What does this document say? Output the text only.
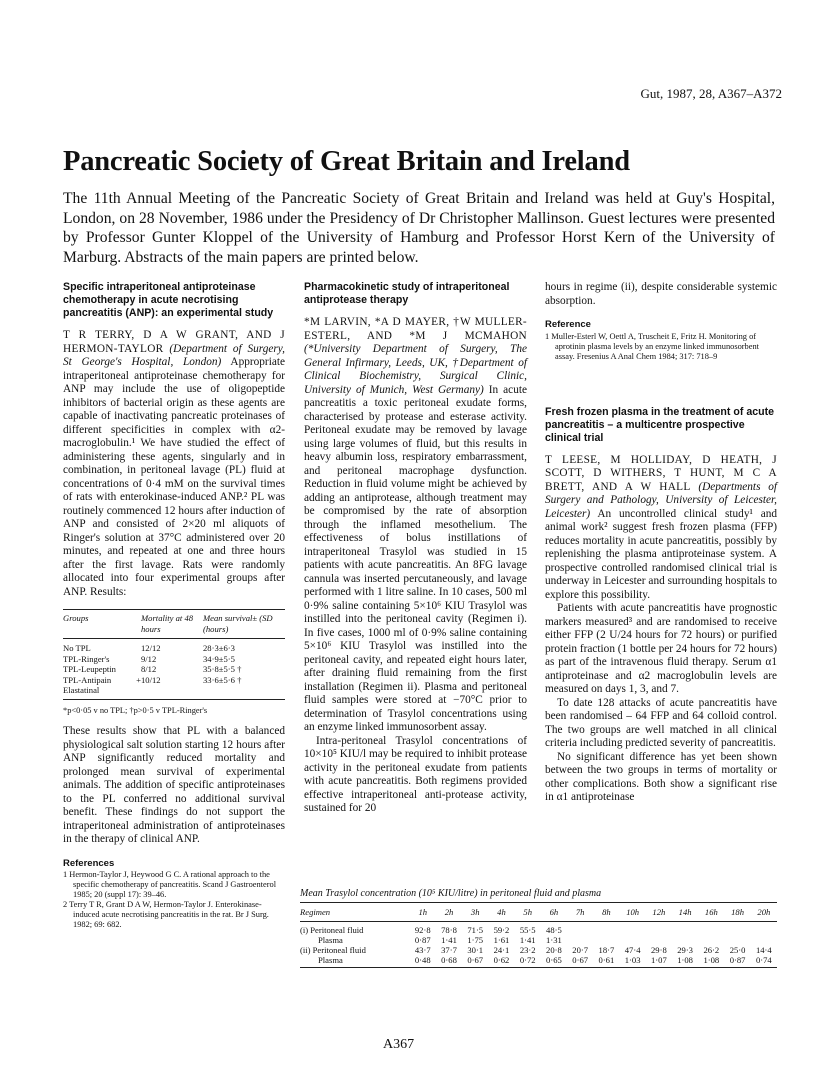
Gut, 1987, 28, A367–A372
Pancreatic Society of Great Britain and Ireland
The 11th Annual Meeting of the Pancreatic Society of Great Britain and Ireland was held at Guy's Hospital, London, on 28 November, 1986 under the Presidency of Dr Christopher Mallinson. Guest lectures were presented by Professor Gunter Kloppel of the University of Hamburg and Professor Horst Kern of the University of Marburg. Abstracts of the main papers are printed below.
Specific intraperitoneal antiproteinase chemotherapy in acute necrotising pancreatitis (ANP): an experimental study

T R TERRY, D A W GRANT, AND J HERMON-TAYLOR (Department of Surgery, St George's Hospital, London) Appropriate intraperitoneal antiproteinase chemotherapy for ANP may include the use of oligopeptide inhibitors of bacterial origin as these agents are capable of inactivating pancreatic proteinases of different specificities in complex with α2-macroglobulin.¹ We have studied the effect of administering these agents, singularly and in combination, in peritoneal lavage (PL) fluid at concentrations of 0·4 mM on the survival times of rats with enterokinase-induced ANP.² PL was routinely commenced 12 hours after induction of ANP and consisted of 2×20 ml aliquots of Ringer's solution at 37°C administered over 20 minutes, and repeated at one and three hours after the first lavage. Rats were randomly allocated into four experimental groups after ANP. Results:

Groups	Mortality at 48 hours	Mean survival± (SD (hours)
No TPL	12/12	28·3±6·3
TPL-Ringer's	9/12	34·9±5·5
TPL-Leupeptin	8/12	35·8±5·5 †
TPL-Antipain + Elastatinal	10/12	33·6±5·6 †
*p<0·05 v no TPL; †p>0·5 v TPL-Ringer's

These results show that PL with a balanced physiological salt solution starting 12 hours after ANP significantly reduced mortality and prolonged mean survival of experimental animals. The addition of specific antiproteinases to the PL conferred no additional survival benefit. These findings do not support the intraperitoneal administration of antiproteinases in the therapy of clinical ANP.

References

1 Hermon-Taylor J, Heywood G C. A rational approach to the specific chemotherapy of pancreatitis. Scand J Gastroenterol 1985; 20 (suppl 17): 39–46.

2 Terry T R, Grant D A W, Hermon-Taylor J. Enterokinase-induced acute necrotising pancreatitis in the rat. Br J Surg. 1982; 69: 682.

Pharmacokinetic study of intraperitoneal antiprotease therapy

*M LARVIN, *A D MAYER, †W MULLER-ESTERL, AND *M J MCMAHON (*University Department of Surgery, The General Infirmary, Leeds, UK, †Department of Clinical Biochemistry, Surgical Clinic, University of Munich, West Germany) In acute pancreatitis a toxic peritoneal exudate forms, characterised by protease and esterase activity. Peritoneal exudate may be removed by lavage using large volumes of fluid, but this results in heavy albumin loss, respiratory embarrassment, and peritoneal macrophage dysfunction. Reduction in fluid volume might be achieved by adding an antiprotease, although treatment may be compromised by the rate of absorption through the inflamed mesothelium. The effectiveness of bolus instillations of intraperitoneal Trasylol was studied in 15 patients with acute pancreatitis. An 8FG lavage cannula was inserted percutaneously, and lavage performed with 1 litre saline. In 10 cases, 500 ml 0·9% saline containing 5×10⁶ KIU Trasylol was instilled into the peritoneal cavity (Regimen i). In five cases, 1000 ml of 0·9% saline containing 5×10⁶ KIU Trasylol was instilled into the peritoneal cavity, and repeated eight hours later, after draining fluid remaining from the first installation (Regimen ii). Plasma and peritoneal fluid samples were stored at −70°C prior to determination of Trasylol concentrations using an enzyme linked immunosorbent assay.

Intra-peritoneal Trasylol concentrations of 10×10⁵ KIU/l may be required to inhibit protease activity in the peritoneal exudate from patients with acute pancreatitis. Both regimens provided effective intraperitoneal anti-protease activity, sustained for 20

hours in regime (ii), despite considerable systemic absorption.

Reference

1 Muller-Esterl W, Oettl A, Truscheit E, Fritz H. Monitoring of aprotinin plasma levels by an enzyme linked immunosorbent assay. Fresenius A Anal Chem 1984; 317: 718–9

Fresh frozen plasma in the treatment of acute pancreatitis – a multicentre prospective clinical trial

T LEESE, M HOLLIDAY, D HEATH, J SCOTT, D WITHERS, T HUNT, M C A BRETT, AND A W HALL (Departments of Surgery and Pathology, University of Leicester, Leicester) An uncontrolled clinical study¹ and animal work² suggest fresh frozen plasma (FFP) reduces mortality in acute pancreatitis, possibly by replenishing the plasma antiproteinase system. A prospective controlled randomised clinical trial is underway in Leicester and surrounding hospitals to explore this possibility.

Patients with acute pancreatitis have prognostic markers measured³ and are randomised to receive either FFP (2 U/24 hours for 72 hours) or purified protein fraction (1 bottle per 24 hours for 72 hours) as part of the intravenous fluid therapy. Serum α1 antiproteinase and α2 macroglobulin levels are measured on days 1, 3, and 7.

To date 128 attacks of acute pancreatitis have been randomised – 64 FFP and 64 colloid control. The two groups are well matched in all clinical criteria including predicted severity of pancreatitis.

No significant difference has yet been shown between the two groups in terms of mortality or other complications. Both show a significant rise in α1 antiproteinase

Mean Trasylol concentration (10⁵ KIU/litre) in peritoneal fluid and plasma
Regimen	1h	2h	3h	4h	5h	6h	7h	8h	10h	12h	14h	16h	18h	20h
(i) Peritoneal fluid	92·8	78·8	71·5	59·2	55·5	48·5								
Plasma	0·87	1·41	1·75	1·61	1·41	1·31								
(ii) Peritoneal fluid	43·7	37·7	30·1	24·1	23·2	20·8	20·7	18·7	47·4	29·8	29·3	26·2	25·0	14·4
Plasma	0·48	0·68	0·67	0·62	0·72	0·65	0·67	0·61	1·03	1·07	1·08	1·08	0·87	0·74
A367
